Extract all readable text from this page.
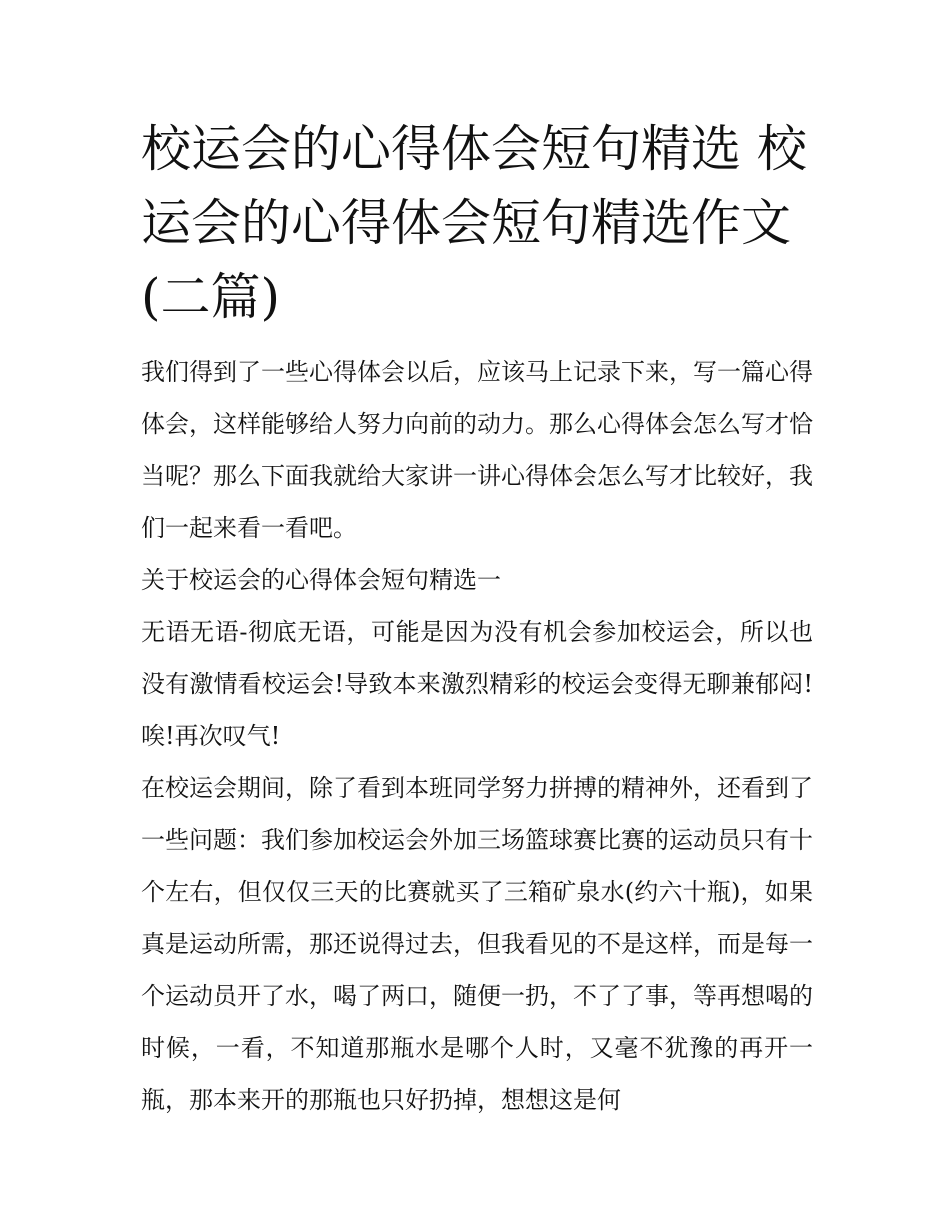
校运会的心得体会短句精选 校运会的心得体会短句精选作文(二篇)

我们得到了一些心得体会以后，应该马上记录下来，写一篇心得体会，这样能够给人努力向前的动力。那么心得体会怎么写才恰当呢？那么下面我就给大家讲一讲心得体会怎么写才比较好，我们一起来看一看吧。

关于校运会的心得体会短句精选一

无语无语-彻底无语，可能是因为没有机会参加校运会，所以也没有激情看校运会!导致本来激烈精彩的校运会变得无聊兼郁闷!唉!再次叹气!

在校运会期间，除了看到本班同学努力拼搏的精神外，还看到了一些问题：我们参加校运会外加三场篮球赛比赛的运动员只有十个左右，但仅仅三天的比赛就买了三箱矿泉水(约六十瓶)，如果真是运动所需，那还说得过去，但我看见的不是这样，而是每一个运动员开了水，喝了两口，随便一扔，不了了事，等再想喝的时候，一看，不知道那瓶水是哪个人时，又毫不犹豫的再开一瓶，那本来开的那瓶也只好扔掉，想想这是何
